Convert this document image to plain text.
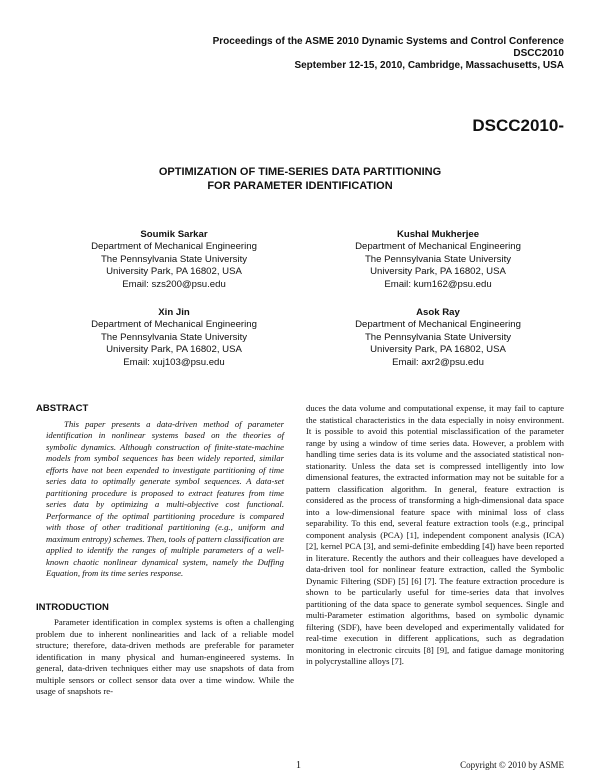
Proceedings of the ASME 2010 Dynamic Systems and Control Conference
DSCC2010
September 12-15, 2010, Cambridge, Massachusetts, USA
DSCC2010-
OPTIMIZATION OF TIME-SERIES DATA PARTITIONING
FOR PARAMETER IDENTIFICATION
Soumik Sarkar
Department of Mechanical Engineering
The Pennsylvania State University
University Park, PA 16802, USA
Email: szs200@psu.edu
Kushal Mukherjee
Department of Mechanical Engineering
The Pennsylvania State University
University Park, PA 16802, USA
Email: kum162@psu.edu
Xin Jin
Department of Mechanical Engineering
The Pennsylvania State University
University Park, PA 16802, USA
Email: xuj103@psu.edu
Asok Ray
Department of Mechanical Engineering
The Pennsylvania State University
University Park, PA 16802, USA
Email: axr2@psu.edu
ABSTRACT

This paper presents a data-driven method of parameter identification in nonlinear systems based on the theories of symbolic dynamics. Although construction of finite-state-machine models from symbol sequences has been widely reported, similar efforts have not been expended to investigate partitioning of time series data to optimally generate symbol sequences. A data-set partitioning procedure is proposed to extract features from time series data by optimizing a multi-objective cost functional. Performance of the optimal partitioning procedure is compared with those of other traditional partitioning (e.g., uniform and maximum entropy) schemes. Then, tools of pattern classification are applied to identify the ranges of multiple parameters of a well-known chaotic nonlinear dynamical system, namely the Duffing Equation, from its time series response.

INTRODUCTION

Parameter identification in complex systems is often a challenging problem due to inherent nonlinearities and lack of a reliable model structure; therefore, data-driven methods are preferable for parameter identification in many physical and human-engineered systems. In general, data-driven techniques either may use snapshots of data from multiple sensors or collect sensor data over a time window. While the usage of snapshots re-

duces the data volume and computational expense, it may fail to capture the statistical characteristics in the data especially in noisy environment. It is possible to avoid this potential misclassification of the parameter range by using a window of time series data. However, a problem with handling time series data is its volume and the associated statistical non-stationarity. Unless the data set is compressed intelligently into low dimensional features, the extracted information may not be suitable for a pattern classification algorithm. In general, feature extraction is considered as the process of transforming a high-dimensional data space into a low-dimensional feature space with minimal loss of class separability. To this end, several feature extraction tools (e.g., principal component analysis (PCA) [1], independent component analysis (ICA) [2], kernel PCA [3], and semi-definite embedding [4]) have been reported in literature. Recently the authors and their colleagues have developed a data-driven tool for nonlinear feature extraction, called the Symbolic Dynamic Filtering (SDF) [5] [6] [7]. The feature extraction procedure is shown to be particularly useful for time-series data that involves partitioning of the data space to generate symbol sequences. Single and multi-Parameter estimation algorithms, based on symbolic dynamic filtering (SDF), have been developed and experimentally validated for real-time execution in different applications, such as degradation monitoring in electronic circuits [8] [9], and fatigue damage monitoring in polycrystalline alloys [7].

1	Copyright © 2010 by ASME
